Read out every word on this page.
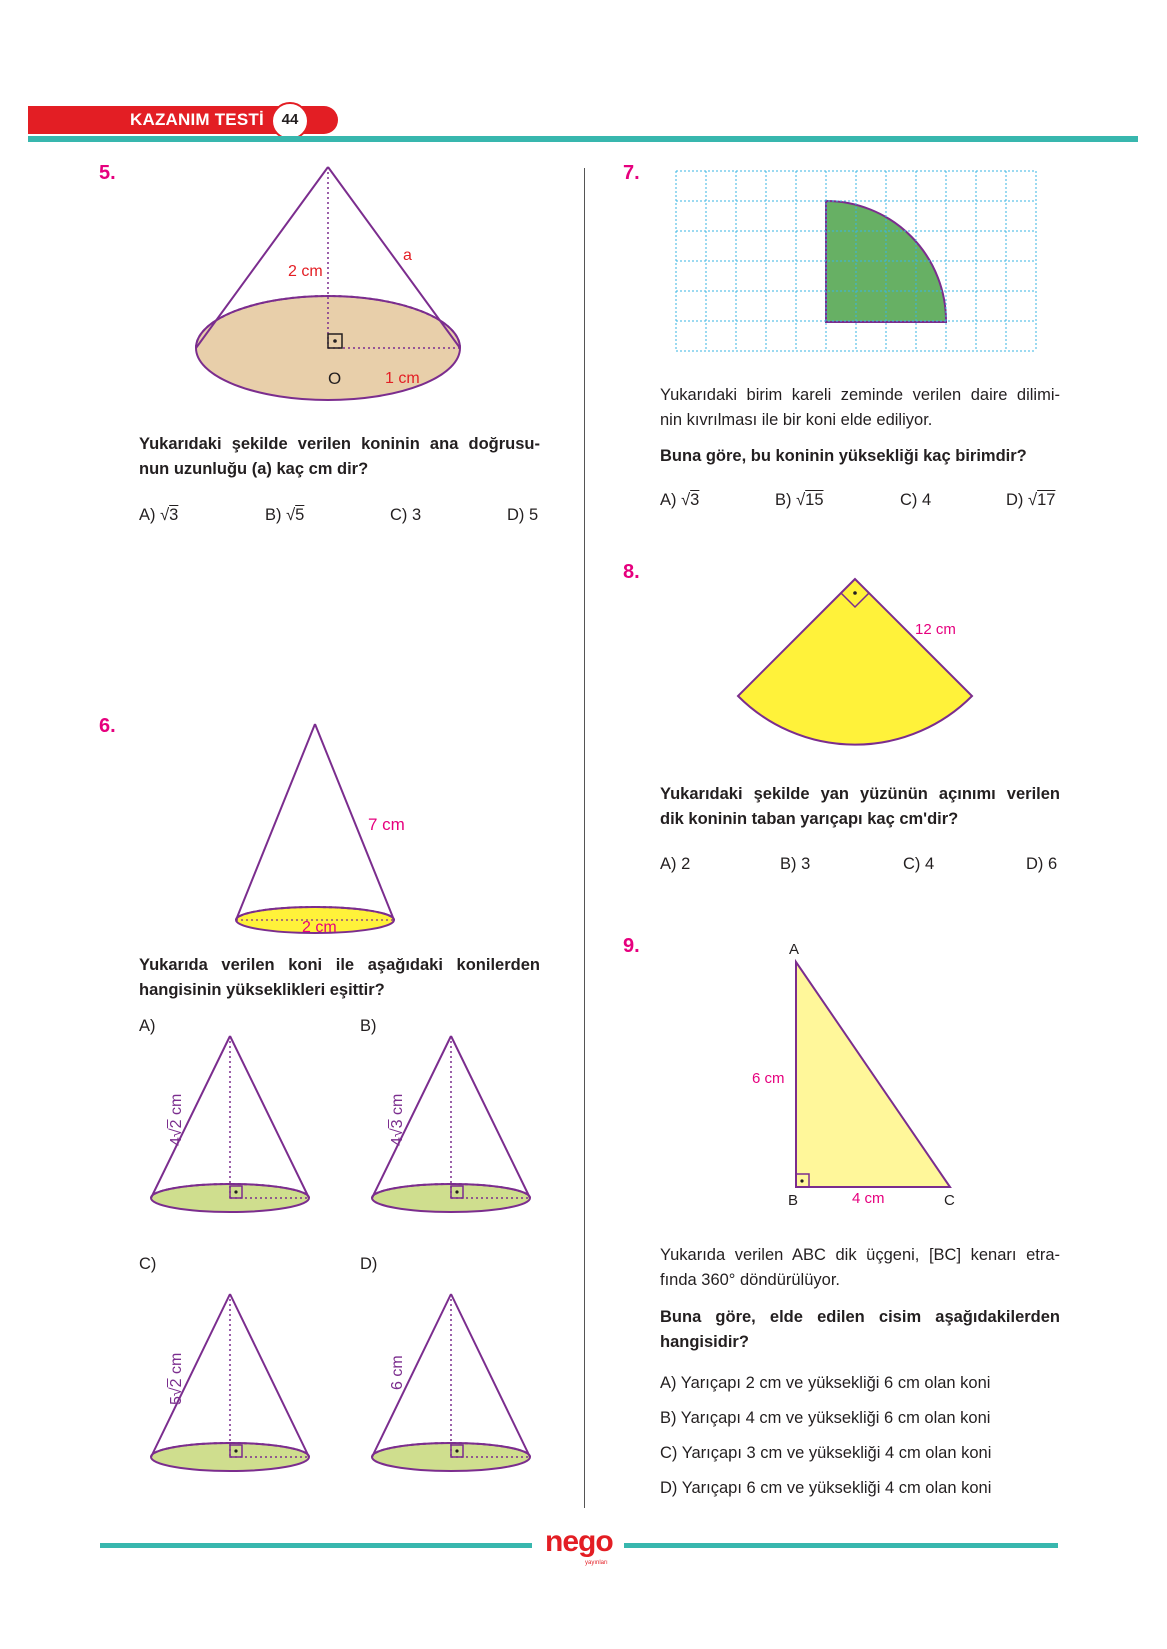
KAZANIM TESTİ	44
5.
2 cm
a
O	1 cm
Yukarıdaki şekilde verilen koninin ana doğrusu-
nun uzunluğu (a) kaç cm dir?
A) √3	B) √5	C) 3	D) 5
6.
7 cm
2 cm
Yukarıda verilen koni ile aşağıdaki konilerden
hangisinin yükseklikleri eşittir?
A)	B)
C)	D)
4√2 cm
4√3 cm
5√2 cm
6 cm
7.
Yukarıdaki birim kareli zeminde verilen daire dilimi-
nin kıvrılması ile bir koni elde ediliyor.
Buna göre, bu koninin yüksekliği kaç birimdir?
A) √3	B) √15	C) 4	D) √17
8.
12 cm
Yukarıdaki şekilde yan yüzünün açınımı verilen
dik koninin taban yarıçapı kaç cm'dir?
A) 2	B) 3	C) 4	D) 6
9.	A
B	C
6 cm
4 cm
Yukarıda verilen ABC dik üçgeni, [BC] kenarı etra-
fında 360° döndürülüyor.
Buna göre, elde edilen cisim aşağıdakilerden
hangisidir?
A) Yarıçapı 2 cm ve yüksekliği 6 cm olan koni
B) Yarıçapı 4 cm ve yüksekliği 6 cm olan koni
C) Yarıçapı 3 cm ve yüksekliği 4 cm olan koni
D) Yarıçapı 6 cm ve yüksekliği 4 cm olan koni
nego
yayınları
